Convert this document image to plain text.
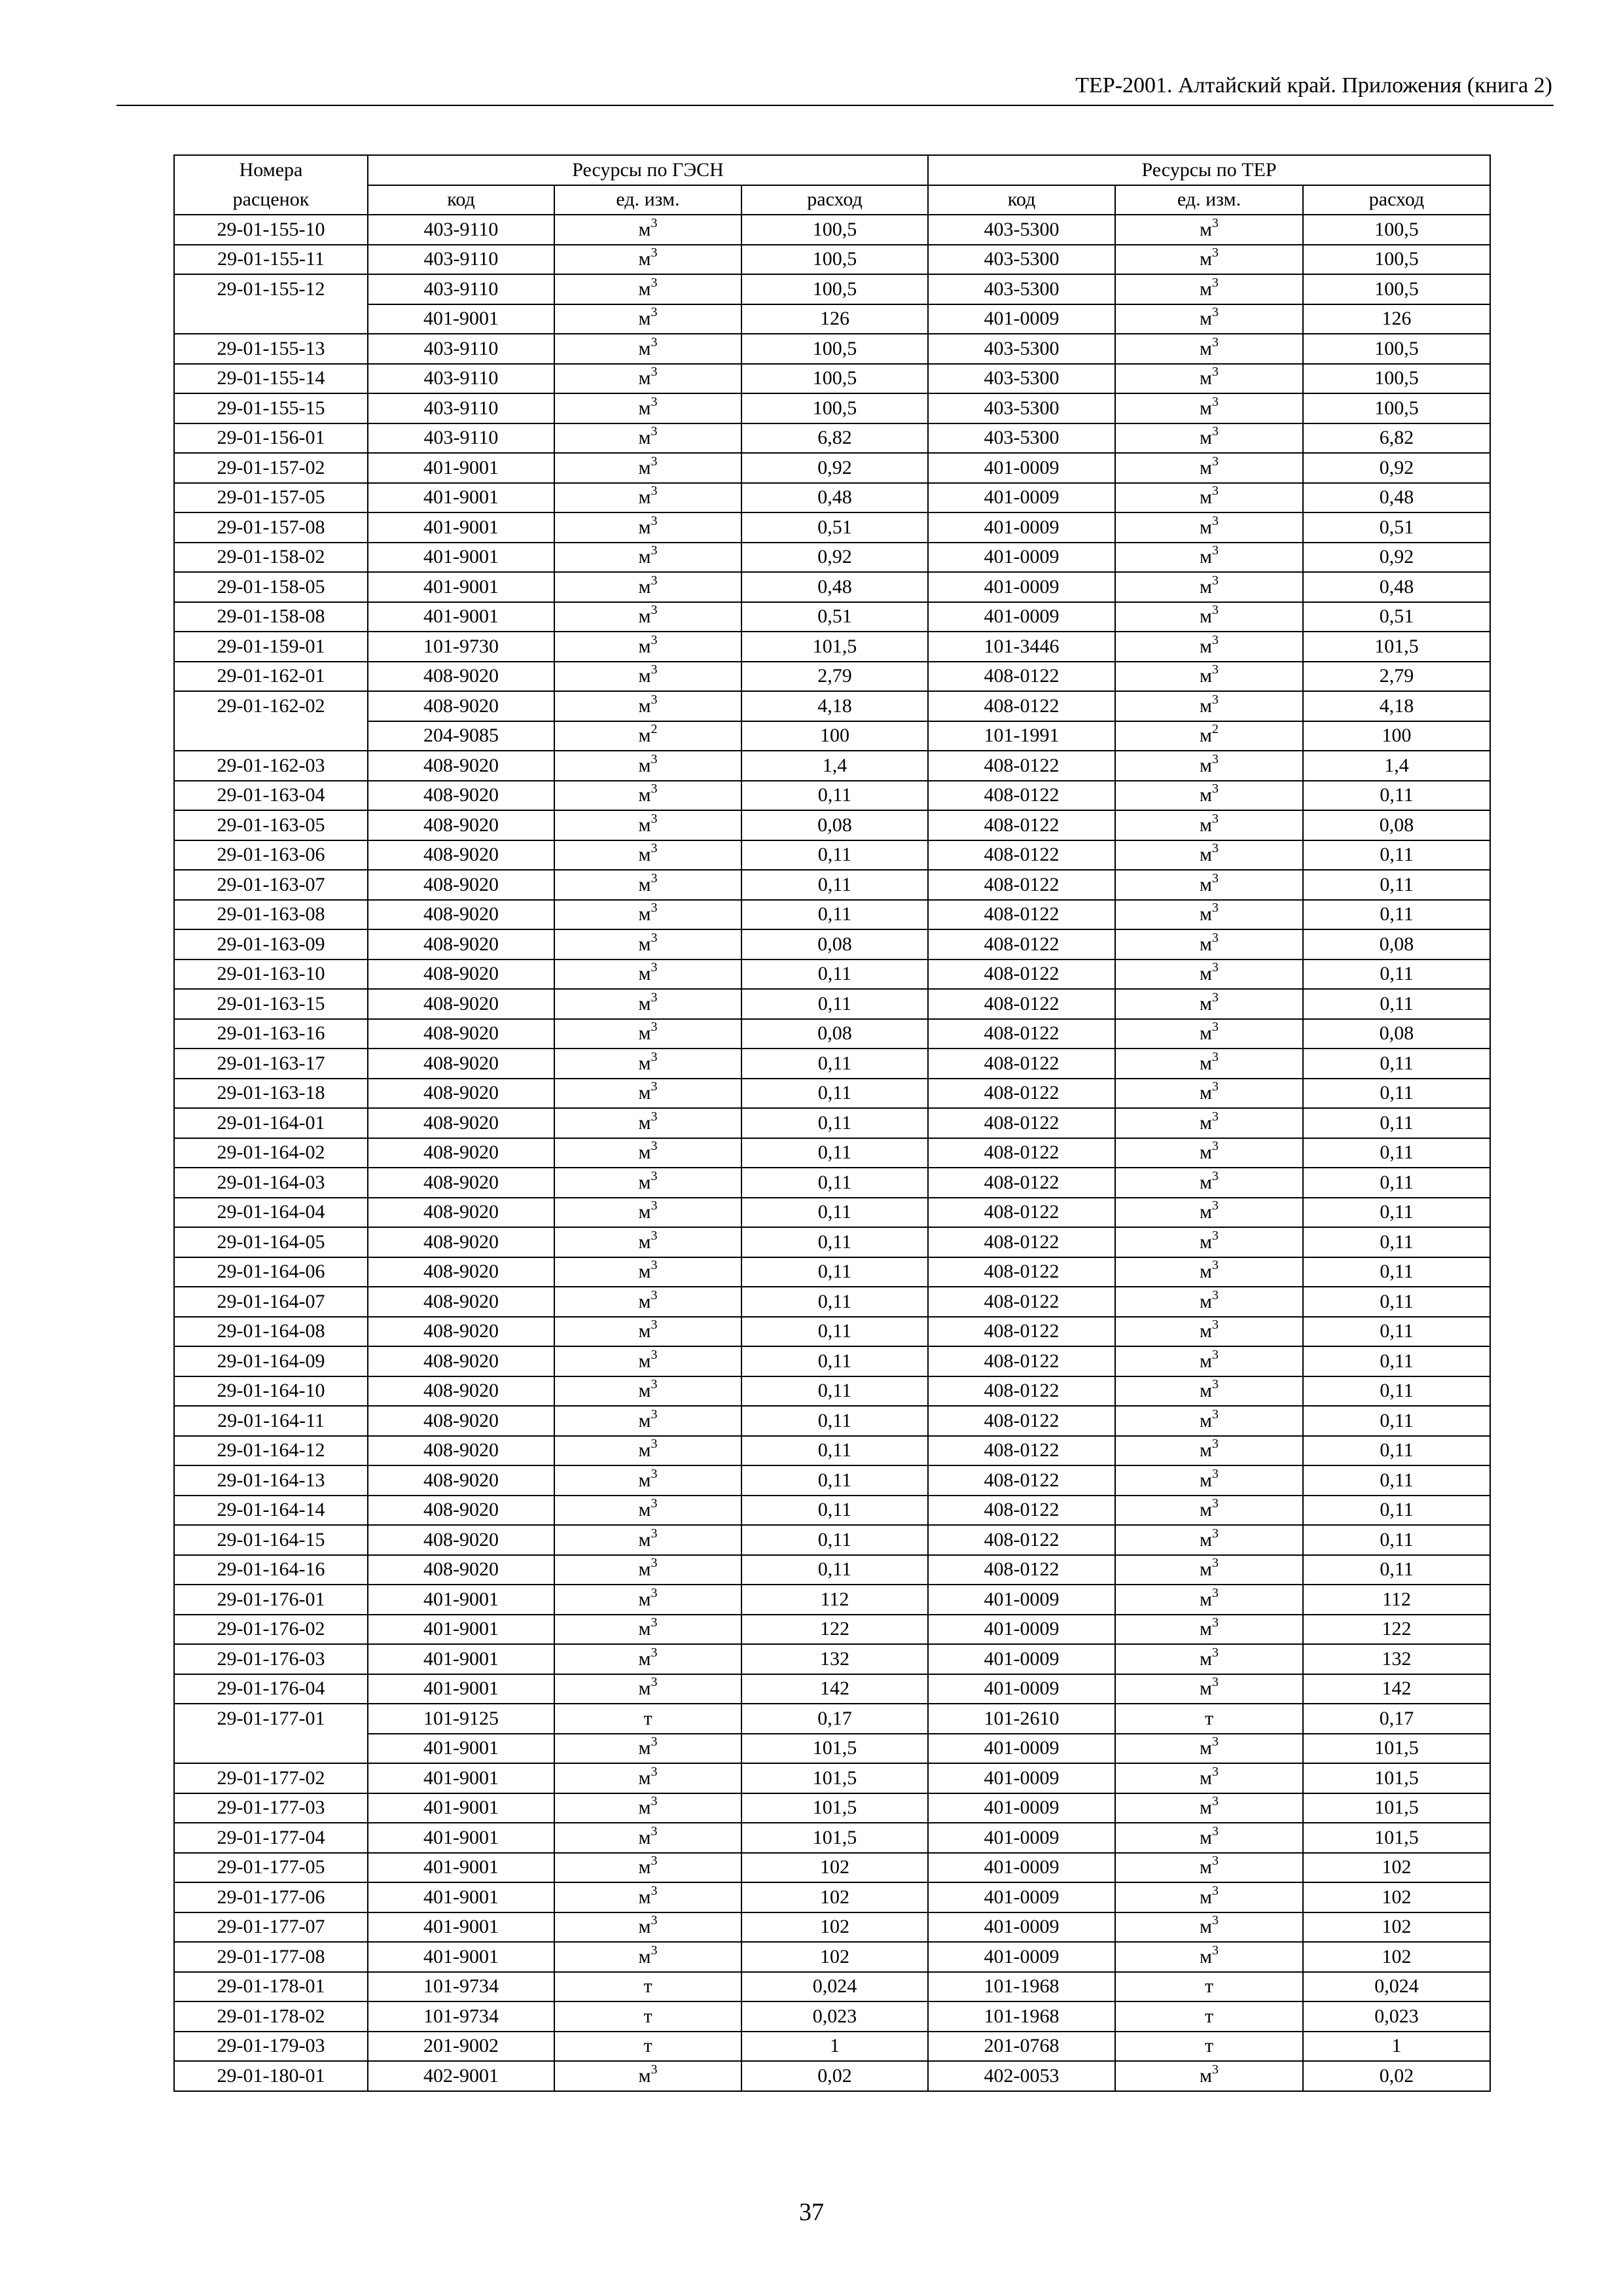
ТЕР-2001. Алтайский край. Приложения (книга 2)
Номера	Ресурсы по ГЭСН			Ресурсы по ТЕР		
расценок	код	ед. изм.	расход	код	ед. изм.	расход
29-01-155-10	403-9110	$м^3$	100,5	403-5300	$м^3$	100,5
29-01-155-11	403-9110	$м^3$	100,5	403-5300	$м^3$	100,5
29-01-155-12	403-9110	$м^3$	100,5	403-5300	$м^3$	100,5
	401-9001	$м^3$	126	401-0009	$м^3$	126
29-01-155-13	403-9110	$м^3$	100,5	403-5300	$м^3$	100,5
29-01-155-14	403-9110	$м^3$	100,5	403-5300	$м^3$	100,5
29-01-155-15	403-9110	$м^3$	100,5	403-5300	$м^3$	100,5
29-01-156-01	403-9110	$м^3$	6,82	403-5300	$м^3$	6,82
29-01-157-02	401-9001	$м^3$	0,92	401-0009	$м^3$	0,92
29-01-157-05	401-9001	$м^3$	0,48	401-0009	$м^3$	0,48
29-01-157-08	401-9001	$м^3$	0,51	401-0009	$м^3$	0,51
29-01-158-02	401-9001	$м^3$	0,92	401-0009	$м^3$	0,92
29-01-158-05	401-9001	$м^3$	0,48	401-0009	$м^3$	0,48
29-01-158-08	401-9001	$м^3$	0,51	401-0009	$м^3$	0,51
29-01-159-01	101-9730	$м^3$	101,5	101-3446	$м^3$	101,5
29-01-162-01	408-9020	$м^3$	2,79	408-0122	$м^3$	2,79
29-01-162-02	408-9020	$м^3$	4,18	408-0122	$м^3$	4,18
	204-9085	$м^2$	100	101-1991	$м^2$	100
29-01-162-03	408-9020	$м^3$	1,4	408-0122	$м^3$	1,4
29-01-163-04	408-9020	$м^3$	0,11	408-0122	$м^3$	0,11
29-01-163-05	408-9020	$м^3$	0,08	408-0122	$м^3$	0,08
29-01-163-06	408-9020	$м^3$	0,11	408-0122	$м^3$	0,11
29-01-163-07	408-9020	$м^3$	0,11	408-0122	$м^3$	0,11
29-01-163-08	408-9020	$м^3$	0,11	408-0122	$м^3$	0,11
29-01-163-09	408-9020	$м^3$	0,08	408-0122	$м^3$	0,08
29-01-163-10	408-9020	$м^3$	0,11	408-0122	$м^3$	0,11
29-01-163-15	408-9020	$м^3$	0,11	408-0122	$м^3$	0,11
29-01-163-16	408-9020	$м^3$	0,08	408-0122	$м^3$	0,08
29-01-163-17	408-9020	$м^3$	0,11	408-0122	$м^3$	0,11
29-01-163-18	408-9020	$м^3$	0,11	408-0122	$м^3$	0,11
29-01-164-01	408-9020	$м^3$	0,11	408-0122	$м^3$	0,11
29-01-164-02	408-9020	$м^3$	0,11	408-0122	$м^3$	0,11
29-01-164-03	408-9020	$м^3$	0,11	408-0122	$м^3$	0,11
29-01-164-04	408-9020	$м^3$	0,11	408-0122	$м^3$	0,11
29-01-164-05	408-9020	$м^3$	0,11	408-0122	$м^3$	0,11
29-01-164-06	408-9020	$м^3$	0,11	408-0122	$м^3$	0,11
29-01-164-07	408-9020	$м^3$	0,11	408-0122	$м^3$	0,11
29-01-164-08	408-9020	$м^3$	0,11	408-0122	$м^3$	0,11
29-01-164-09	408-9020	$м^3$	0,11	408-0122	$м^3$	0,11
29-01-164-10	408-9020	$м^3$	0,11	408-0122	$м^3$	0,11
29-01-164-11	408-9020	$м^3$	0,11	408-0122	$м^3$	0,11
29-01-164-12	408-9020	$м^3$	0,11	408-0122	$м^3$	0,11
29-01-164-13	408-9020	$м^3$	0,11	408-0122	$м^3$	0,11
29-01-164-14	408-9020	$м^3$	0,11	408-0122	$м^3$	0,11
29-01-164-15	408-9020	$м^3$	0,11	408-0122	$м^3$	0,11
29-01-164-16	408-9020	$м^3$	0,11	408-0122	$м^3$	0,11
29-01-176-01	401-9001	$м^3$	112	401-0009	$м^3$	112
29-01-176-02	401-9001	$м^3$	122	401-0009	$м^3$	122
29-01-176-03	401-9001	$м^3$	132	401-0009	$м^3$	132
29-01-176-04	401-9001	$м^3$	142	401-0009	$м^3$	142
29-01-177-01	101-9125	т	0,17	101-2610	т	0,17
	401-9001	$м^3$	101,5	401-0009	$м^3$	101,5
29-01-177-02	401-9001	$м^3$	101,5	401-0009	$м^3$	101,5
29-01-177-03	401-9001	$м^3$	101,5	401-0009	$м^3$	101,5
29-01-177-04	401-9001	$м^3$	101,5	401-0009	$м^3$	101,5
29-01-177-05	401-9001	$м^3$	102	401-0009	$м^3$	102
29-01-177-06	401-9001	$м^3$	102	401-0009	$м^3$	102
29-01-177-07	401-9001	$м^3$	102	401-0009	$м^3$	102
29-01-177-08	401-9001	$м^3$	102	401-0009	$м^3$	102
29-01-178-01	101-9734	т	0,024	101-1968	т	0,024
29-01-178-02	101-9734	т	0,023	101-1968	т	0,023
29-01-179-03	201-9002	т	1	201-0768	т	1
29-01-180-01	402-9001	$м^3$	0,02	402-0053	$м^3$	0,02
37
